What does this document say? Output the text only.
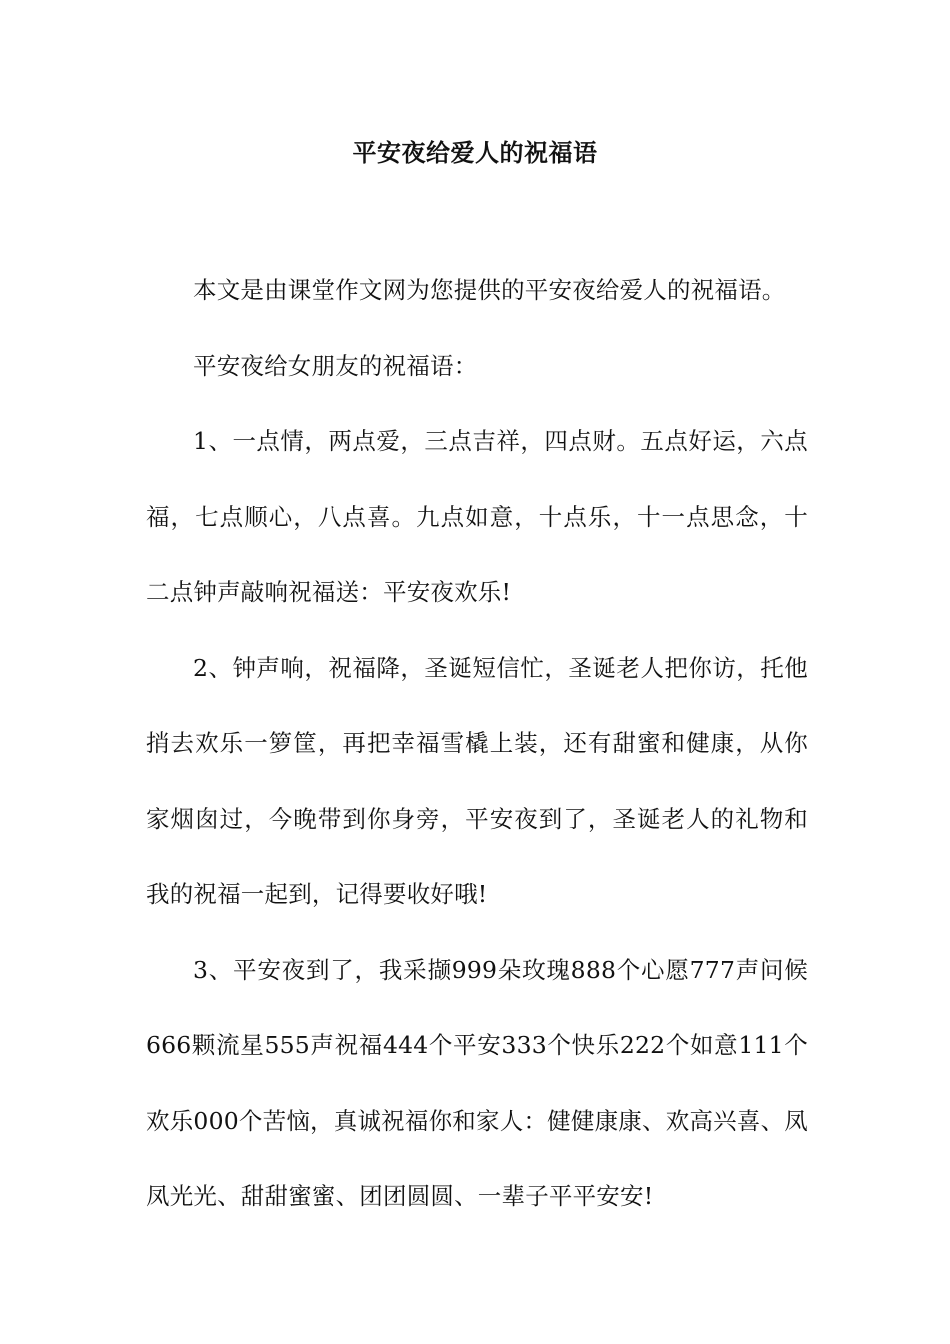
平安夜给爱人的祝福语

本文是由课堂作文网为您提供的平安夜给爱人的祝福语。

平安夜给女朋友的祝福语：

1、一点情，两点爱，三点吉祥，四点财。五点好运，六点福，七点顺心，八点喜。九点如意，十点乐，十一点思念，十二点钟声敲响祝福送：平安夜欢乐!

2、钟声响，祝福降，圣诞短信忙，圣诞老人把你访，托他捎去欢乐一箩筐，再把幸福雪橇上装，还有甜蜜和健康，从你家烟囱过，今晚带到你身旁，平安夜到了，圣诞老人的礼物和我的祝福一起到，记得要收好哦!

3、平安夜到了，我采撷999朵玫瑰888个心愿777声问候666颗流星555声祝福444个平安333个快乐222个如意111个欢乐000个苦恼，真诚祝福你和家人：健健康康、欢高兴喜、凤凤光光、甜甜蜜蜜、团团圆圆、一辈子平平安安!
